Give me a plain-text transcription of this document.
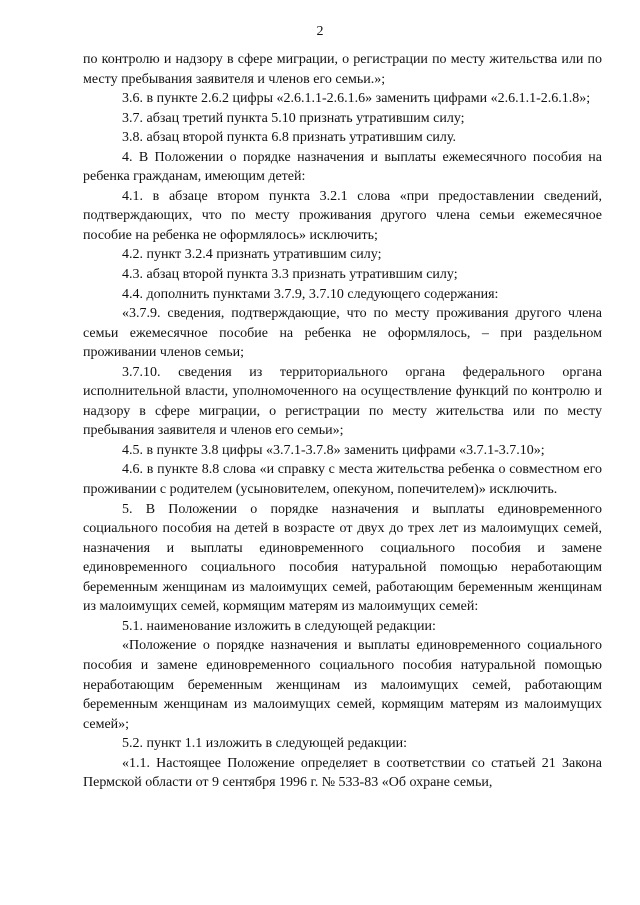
2

по контролю и надзору в сфере миграции, о регистрации по месту жительства или по месту пребывания заявителя и членов его семьи.»;

3.6. в пункте 2.6.2 цифры «2.6.1.1-2.6.1.6» заменить цифрами «2.6.1.1-2.6.1.8»;

3.7. абзац третий пункта 5.10 признать утратившим силу;

3.8. абзац второй пункта 6.8 признать утратившим силу.

4. В Положении о порядке назначения и выплаты ежемесячного пособия на ребенка гражданам, имеющим детей:

4.1. в абзаце втором пункта 3.2.1 слова «при предоставлении сведений, подтверждающих, что по месту проживания другого члена семьи ежемесячное пособие на ребенка не оформлялось» исключить;

4.2. пункт 3.2.4 признать утратившим силу;

4.3. абзац второй пункта 3.3 признать утратившим силу;

4.4. дополнить пунктами 3.7.9, 3.7.10 следующего содержания:

«3.7.9. сведения, подтверждающие, что по месту проживания другого члена семьи ежемесячное пособие на ребенка не оформлялось, – при раздельном проживании членов семьи;

3.7.10. сведения из территориального органа федерального органа исполнительной власти, уполномоченного на осуществление функций по контролю и надзору в сфере миграции, о регистрации по месту жительства или по месту пребывания заявителя и членов его семьи»;

4.5. в пункте 3.8 цифры «3.7.1-3.7.8» заменить цифрами «3.7.1-3.7.10»;

4.6. в пункте 8.8 слова «и справку с места жительства ребенка о совместном его проживании с родителем (усыновителем, опекуном, попечителем)» исключить.

5. В Положении о порядке назначения и выплаты единовременного социального пособия на детей в возрасте от двух до трех лет из малоимущих семей, назначения и выплаты единовременного социального пособия и замене единовременного социального пособия натуральной помощью неработающим беременным женщинам из малоимущих семей, работающим беременным женщинам из малоимущих семей, кормящим матерям из малоимущих семей:

5.1. наименование изложить в следующей редакции:

«Положение о порядке назначения и выплаты единовременного социального пособия и замене единовременного социального пособия натуральной помощью неработающим беременным женщинам из малоимущих семей, работающим беременным женщинам из малоимущих семей, кормящим матерям из малоимущих семей»;

5.2. пункт 1.1 изложить в следующей редакции:

«1.1. Настоящее Положение определяет в соответствии со статьей 21 Закона Пермской области от 9 сентября 1996 г. № 533-83 «Об охране семьи,
